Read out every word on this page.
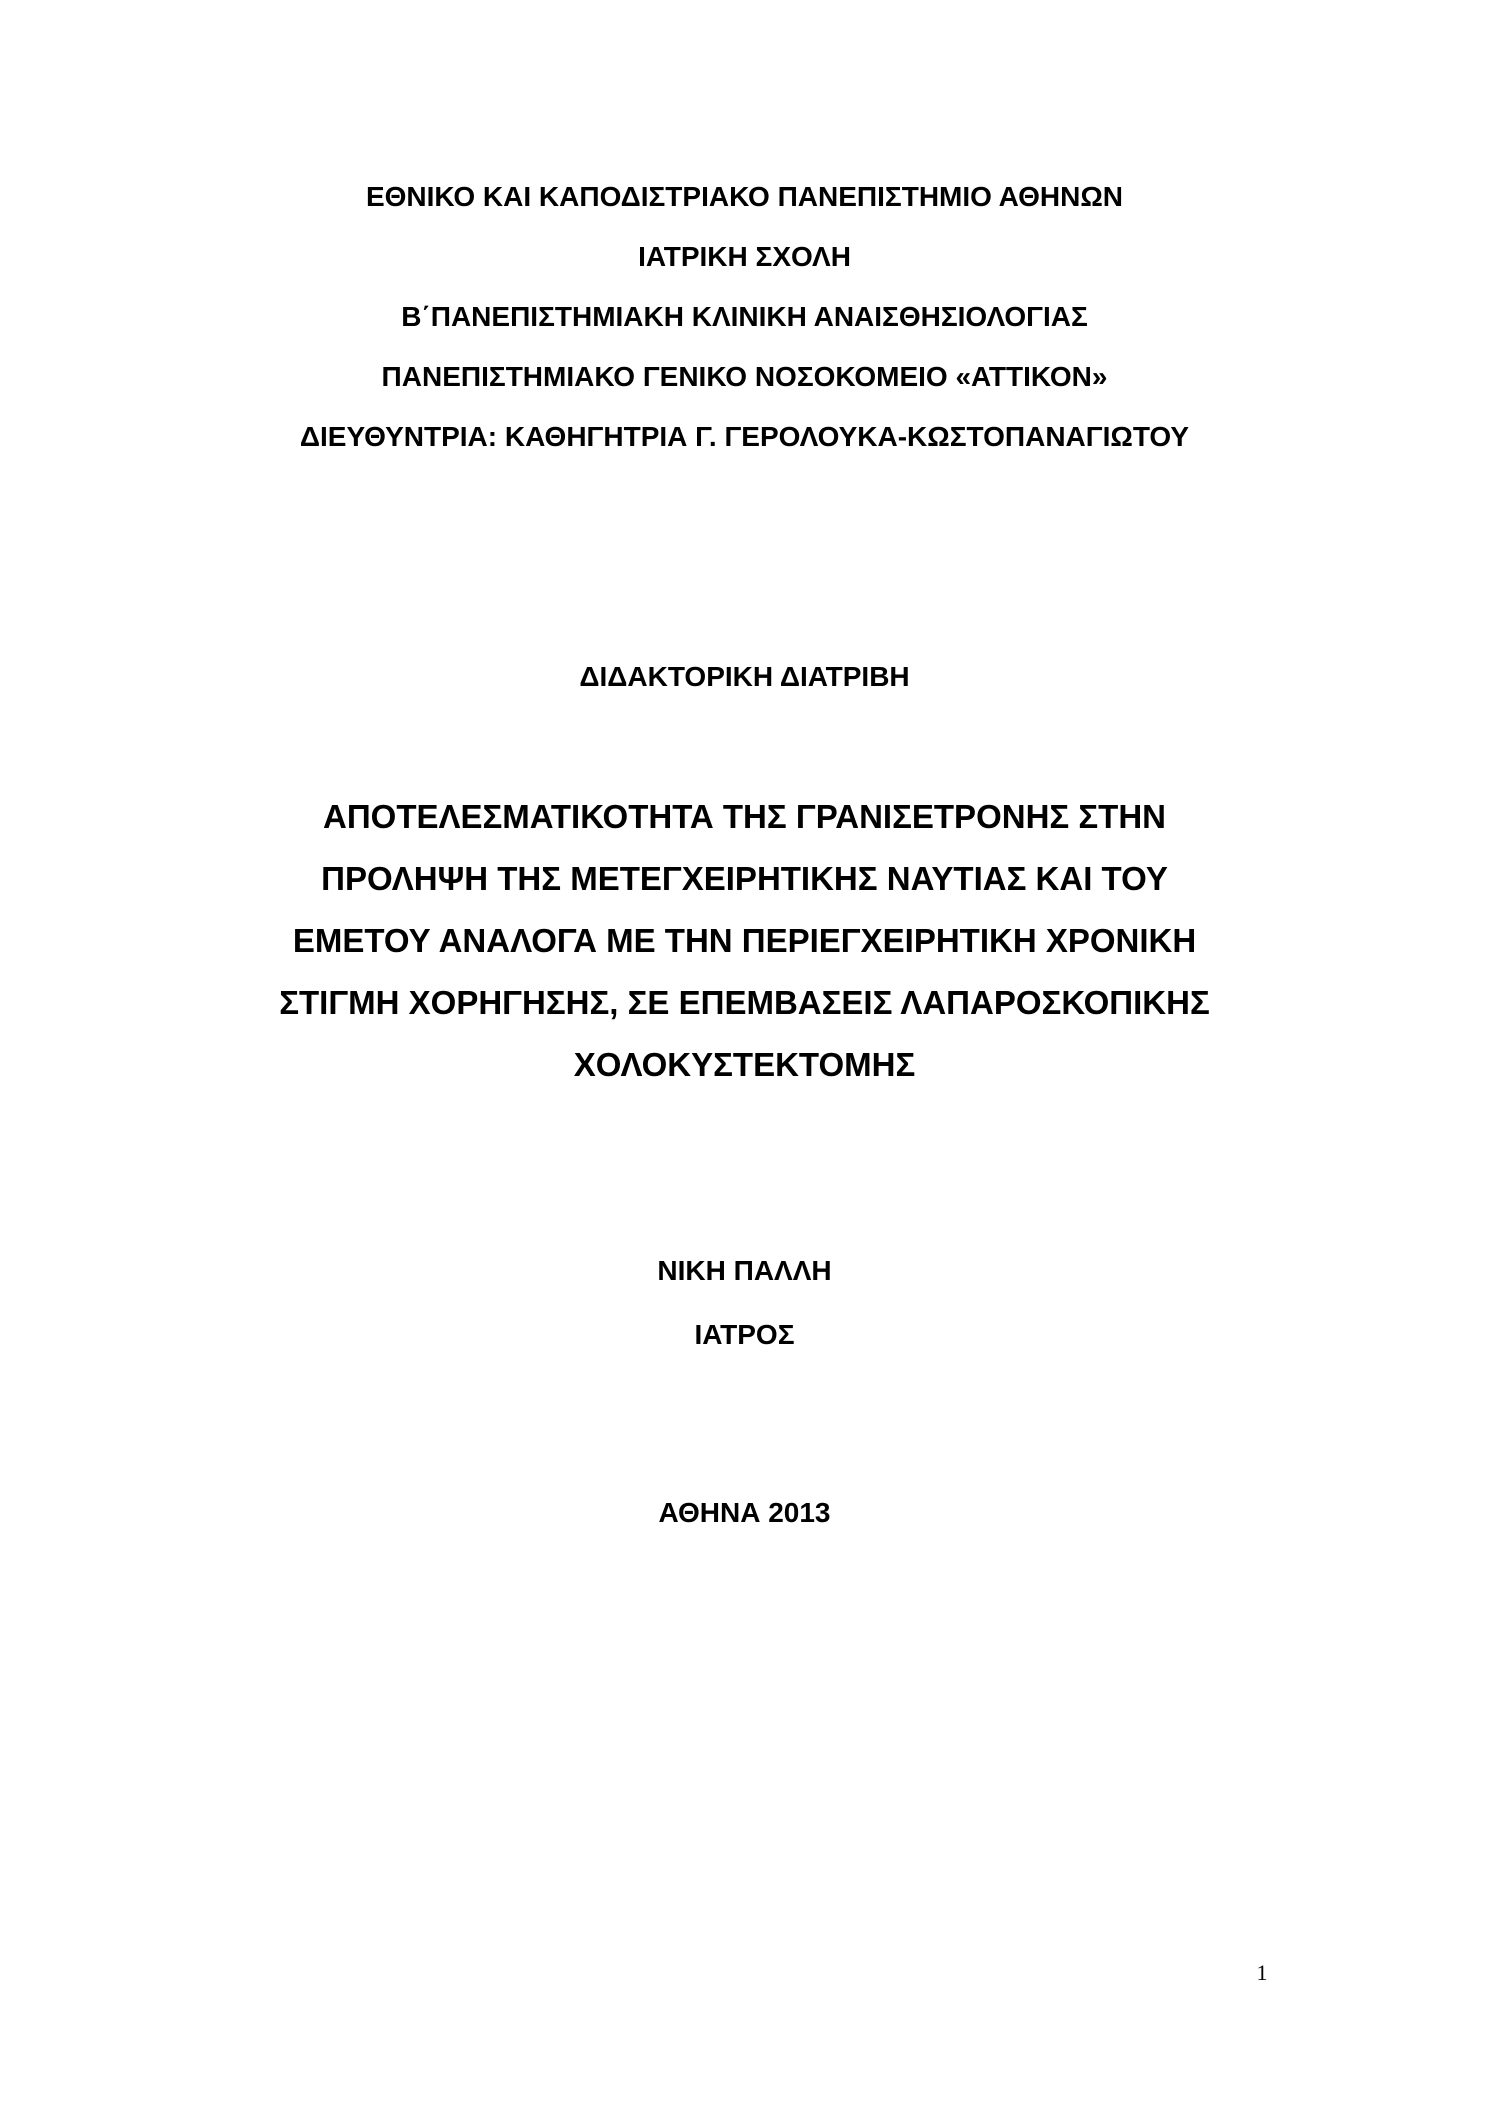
ΕΘΝΙΚΟ ΚΑΙ ΚΑΠΟΔΙΣΤΡΙΑΚΟ ΠΑΝΕΠΙΣΤΗΜΙΟ ΑΘΗΝΩΝ
ΙΑΤΡΙΚΗ ΣΧΟΛΗ
Β΄ΠΑΝΕΠΙΣΤΗΜΙΑΚΗ ΚΛΙΝΙΚΗ ΑΝΑΙΣΘΗΣΙΟΛΟΓΙΑΣ
ΠΑΝΕΠΙΣΤΗΜΙΑΚΟ ΓΕΝΙΚΟ ΝΟΣΟΚΟΜΕΙΟ «ΑΤΤΙΚΟΝ»
ΔΙΕΥΘΥΝΤΡΙΑ: ΚΑΘΗΓΗΤΡΙΑ Γ. ΓΕΡΟΛΟΥΚΑ-ΚΩΣΤΟΠΑΝΑΓΙΩΤΟΥ
ΔΙΔΑΚΤΟΡΙΚΗ ΔΙΑΤΡΙΒΗ
ΑΠΟΤΕΛΕΣΜΑΤΙΚΟΤΗΤΑ ΤΗΣ ΓΡΑΝΙΣΕΤΡΟΝΗΣ ΣΤΗΝ
ΠΡΟΛΗΨΗ ΤΗΣ ΜΕΤΕΓΧΕΙΡΗΤΙΚΗΣ ΝΑΥΤΙΑΣ ΚΑΙ ΤΟΥ
ΕΜΕΤΟΥ ΑΝΑΛΟΓΑ ΜΕ ΤΗΝ ΠΕΡΙΕΓΧΕΙΡΗΤΙΚΗ ΧΡΟΝΙΚΗ
ΣΤΙΓΜΗ ΧΟΡΗΓΗΣΗΣ, ΣΕ ΕΠΕΜΒΑΣΕΙΣ ΛΑΠΑΡΟΣΚΟΠΙΚΗΣ
ΧΟΛΟΚΥΣΤΕΚΤΟΜΗΣ
ΝΙΚΗ ΠΑΛΛΗ
ΙΑΤΡΟΣ
ΑΘΗΝΑ 2013
1
